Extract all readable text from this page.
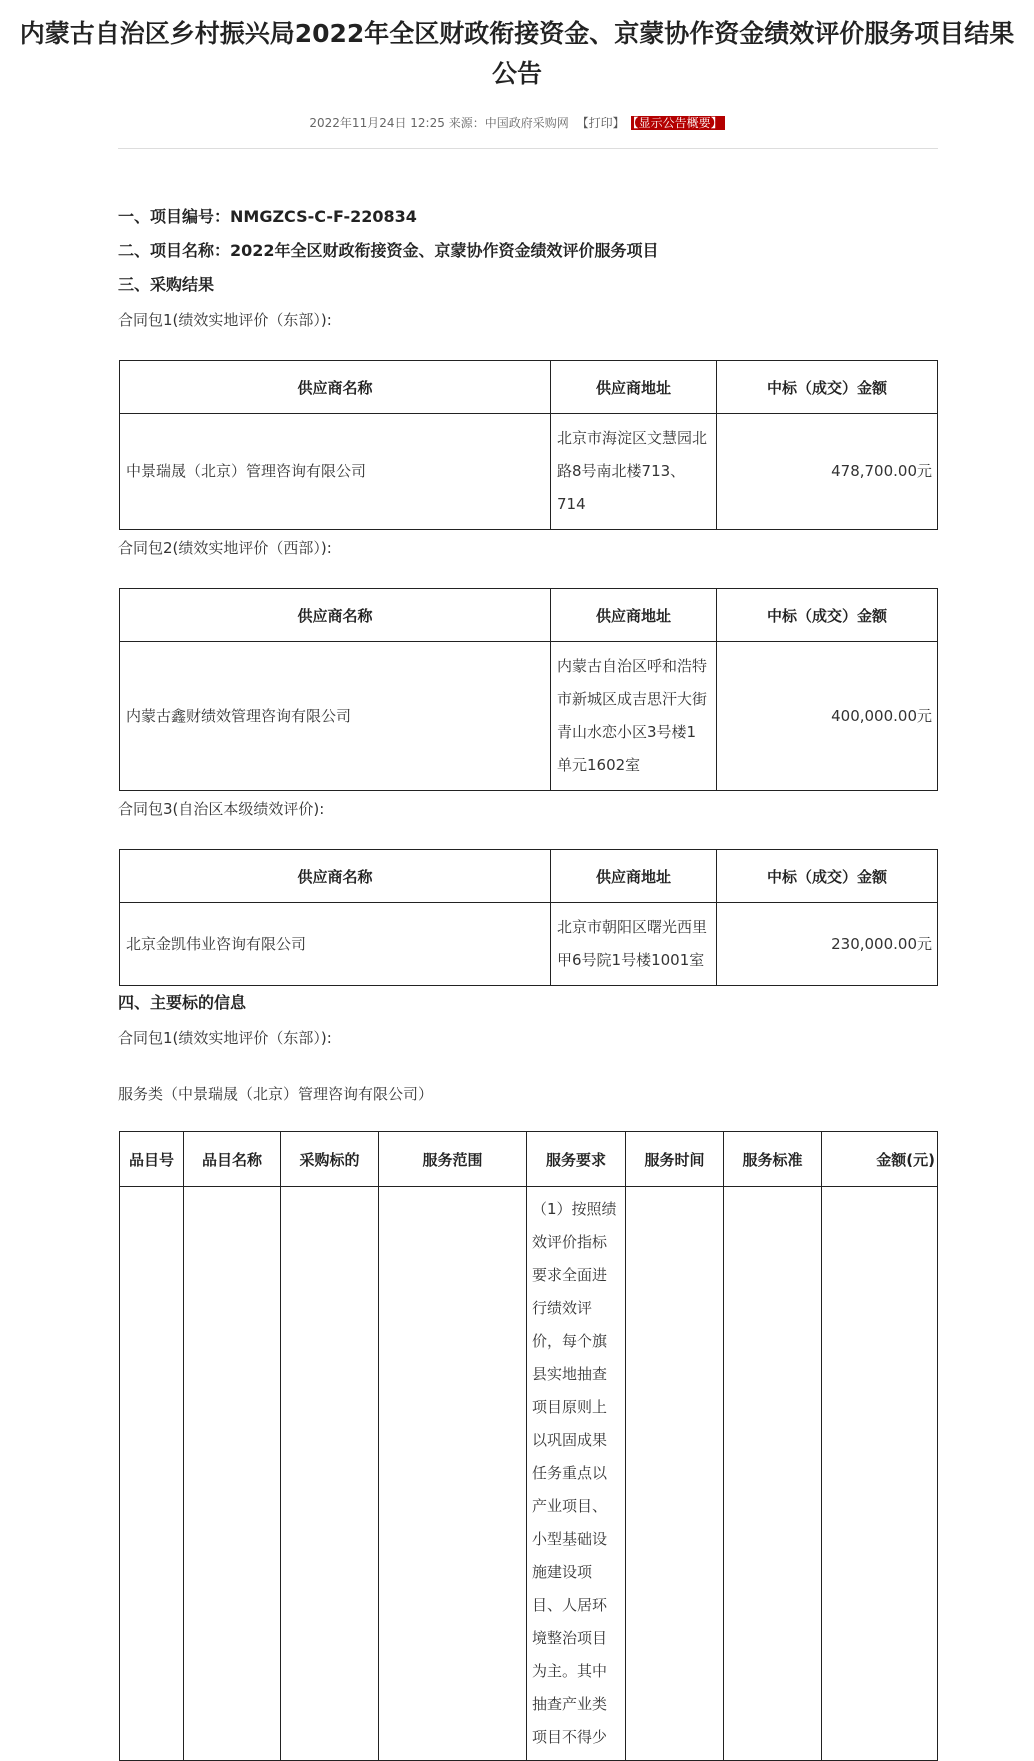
内蒙古自治区乡村振兴局2022年全区财政衔接资金、京蒙协作资金绩效评价服务项目结果公告
2022年11月24日 12:25 来源：中国政府采购网 【打印】 【显示公告概要】
一、项目编号：NMGZCS-C-F-220834
二、项目名称：2022年全区财政衔接资金、京蒙协作资金绩效评价服务项目
三、采购结果
合同包1(绩效实地评价（东部）):
供应商名称	供应商地址	中标（成交）金额
中景瑞晟（北京）管理咨询有限公司	北京市海淀区文慧园北路8号南北楼713、714	478,700.00元
合同包2(绩效实地评价（西部）):
供应商名称	供应商地址	中标（成交）金额
内蒙古鑫财绩效管理咨询有限公司	内蒙古自治区呼和浩特市新城区成吉思汗大街青山水恋小区3号楼1单元1602室	400,000.00元
合同包3(自治区本级绩效评价):
供应商名称	供应商地址	中标（成交）金额
北京金凯伟业咨询有限公司	北京市朝阳区曙光西里甲6号院1号楼1001室	230,000.00元
四、主要标的信息
合同包1(绩效实地评价（东部）):
服务类（中景瑞晟（北京）管理咨询有限公司）
品目号	品目名称	采购标的	服务范围	服务要求	服务时间	服务标准	金额(元)
				（1）按照绩效评价指标要求全面进行绩效评价，每个旗县实地抽查项目原则上以巩固成果任务重点以产业项目、小型基础设施建设项目、人居环境整治项目为主。其中抽查产业类项目不得少			
